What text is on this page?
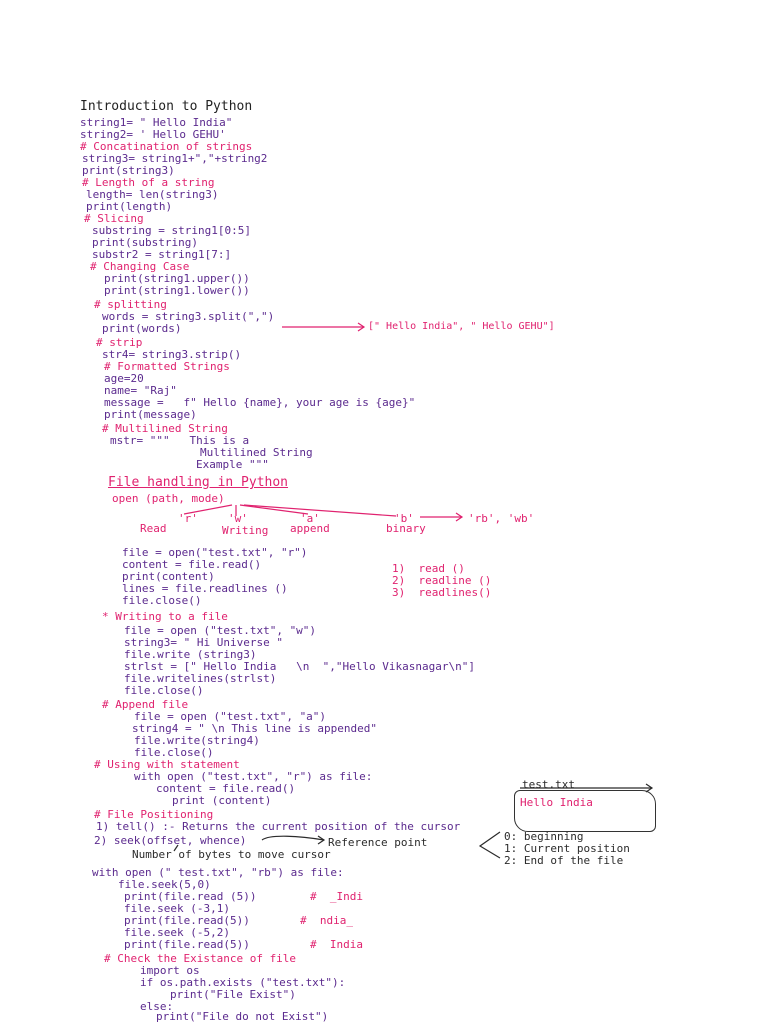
Introduction to Python
string1= " Hello India"
string2= ' Hello GEHU'
# Concatination of strings
string3= string1+","+string2
print(string3)
# Length of a string
length= len(string3)
print(length)
# Slicing
substring = string1[0:5]
print(substring)
substr2 = string1[7:]
# Changing Case
print(string1.upper())
print(string1.lower())
# splitting
words = string3.split(",")
print(words)	[" Hello India", " Hello GEHU"]
# strip
str4= string3.strip()
# Formatted Strings
age=20
name= "Raj"
message =   f" Hello {name}, your age is {age}"
print(message)
# Multilined String
mstr= """   This is a
Multilined String
Example """
File handling in Python
open (path, mode)
'r'	'w'	'a'	'b'	'rb', 'wb'
Read	Writing append	binary
file = open("test.txt", "r")
content = file.read()
print(content)
lines = file.readlines ()
file.close()
1)  read ()
2)  readline ()
3)  readlines()
* Writing to a file
file = open ("test.txt", "w")
string3= " Hi Universe "
file.write (string3)
strlst = [" Hello India   \n  ","Hello Vikasnagar\n"]
file.writelines(strlst)
file.close()
# Append file
file = open ("test.txt", "a")
string4 = " \n This line is appended"
file.write(string4)
file.close()
# Using with statement
with open ("test.txt", "r") as file:
content = file.read()
print (content)
# File Positioning
1) tell() :- Returns the current position of the cursor
2) seek(offset, whence)	Reference point
Number of bytes to move cursor
0: beginning
1: Current position
2: End of the file
with open (" test.txt", "rb") as file:
file.seek(5,0)
print(file.read (5))	#  _Indi
file.seek (-3,1)
print(file.read(5))	#  ndia_
file.seek (-5,2)
print(file.read(5))	#  India
test.txt
Hello India
# Check the Existance of file
import os
if os.path.exists ("test.txt"):
print("File Exist")
else:
print("File do not Exist")
